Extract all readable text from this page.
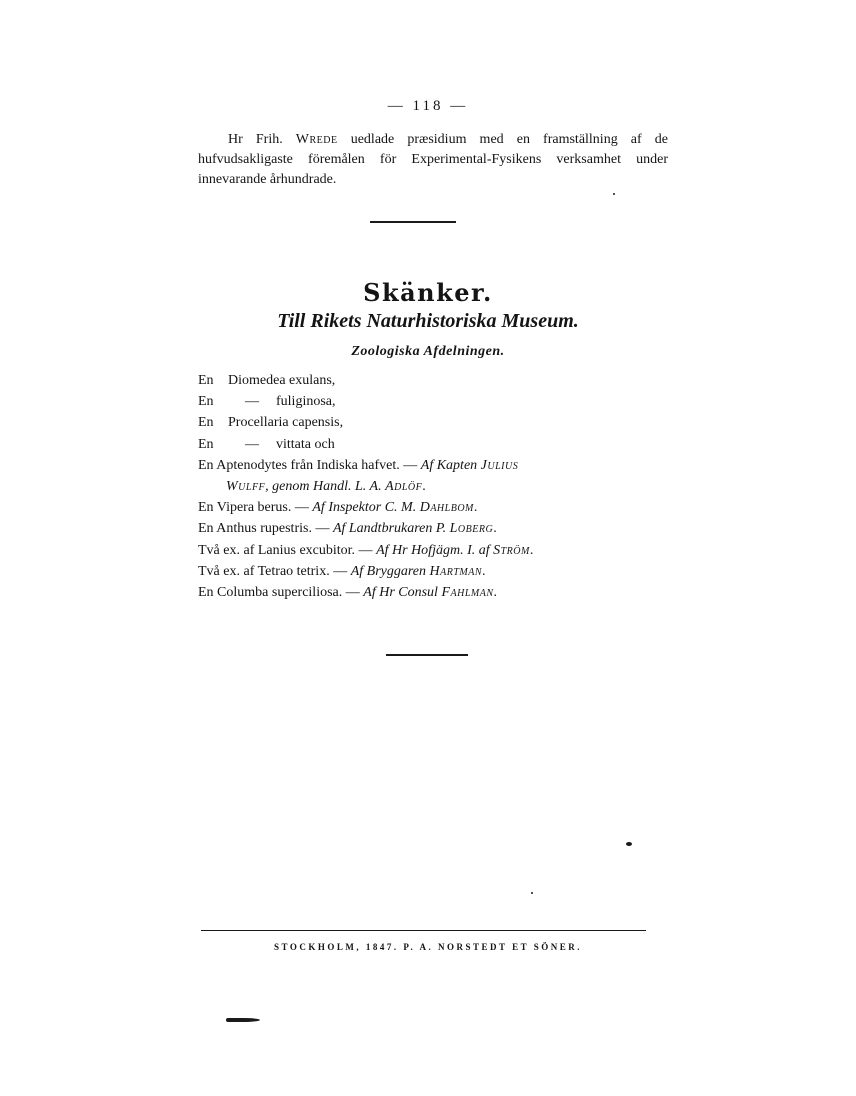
— 118 —

Hr Frih. Wrede uedlade præsidium med en framställning af de hufvudsakligaste föremålen för Experimental-Fysikens verksamhet under innevarande århundrade.

Skänker.
Till Rikets Naturhistoriska Museum.
Zoologiska Afdelningen.
En Diomedea exulans,
En — fuliginosa,
En Procellaria capensis,
En — vittata och
En Aptenodytes från Indiska hafvet. — Af Kapten Julius
Wulff, genom Handl. L. A. Adlöf.
En Vipera berus. — Af Inspektor C. M. Dahlbom.
En Anthus rupestris. — Af Landtbrukaren P. Loberg.
Två ex. af Lanius excubitor. — Af Hr Hofjägm. I. af Ström.
Två ex. af Tetrao tetrix. — Af Bryggaren Hartman.
En Columba superciliosa. — Af Hr Consul Fahlman.
STOCKHOLM, 1847. P. A. NORSTEDT ET SÖNER.
